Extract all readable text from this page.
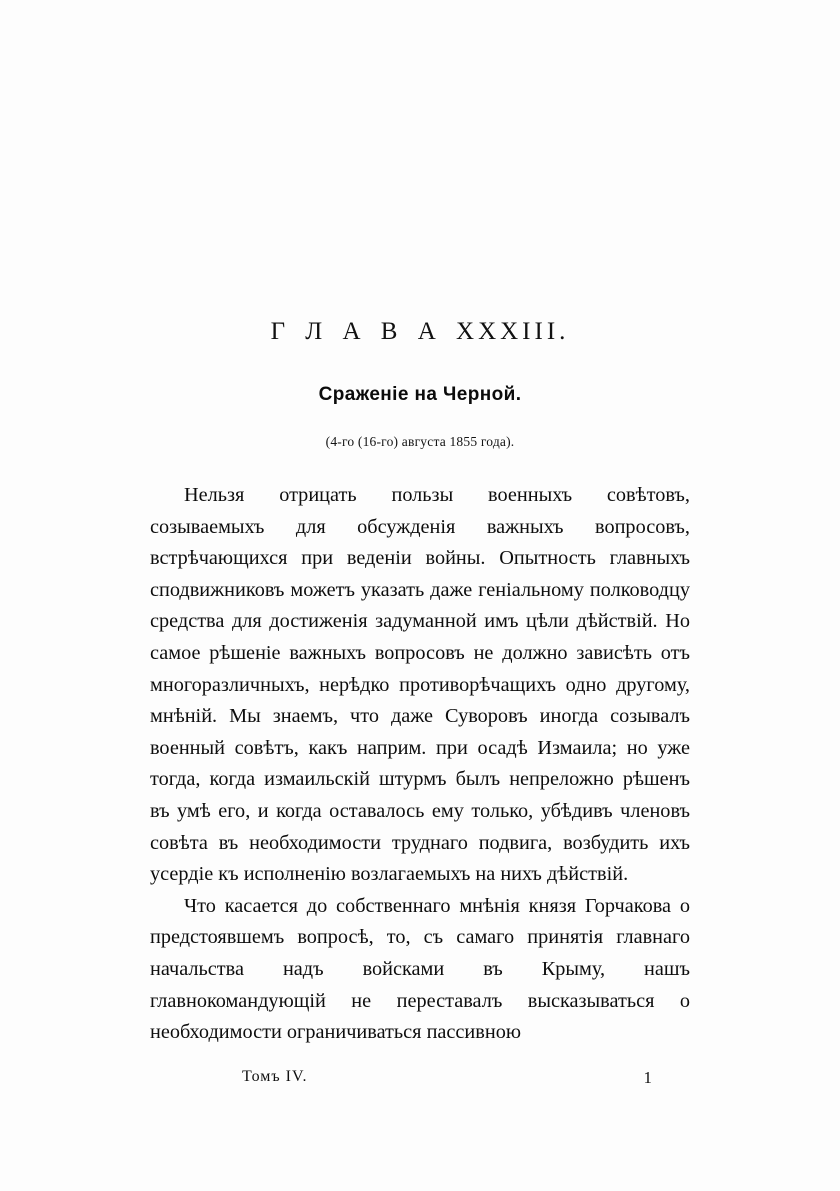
Г Л А В А XXXIII.
Сраженіе на Черной.
(4-го (16-го) августа 1855 года).

Нельзя отрицать пользы военныхъ совѣтовъ, созываемыхъ для обсужденія важныхъ вопросовъ, встрѣчающихся при веденіи войны. Опытность главныхъ сподвижниковъ можетъ указать даже геніальному полководцу средства для достиженія задуманной имъ цѣли дѣйствій. Но самое рѣшеніе важныхъ вопросовъ не должно зависѣть отъ многоразличныхъ, нерѣдко противорѣчащихъ одно другому, мнѣній. Мы знаемъ, что даже Суворовъ иногда созывалъ военный совѣтъ, какъ наприм. при осадѣ Измаила; но уже тогда, когда измаильскій штурмъ былъ непреложно рѣшенъ въ умѣ его, и когда оставалось ему только, убѣдивъ членовъ совѣта въ необходимости труднаго подвига, возбудить ихъ усердіе къ исполненію возлагаемыхъ на нихъ дѣйствій.

Что касается до собственнаго мнѣнія князя Горчакова о предстоявшемъ вопросѣ, то, съ самаго принятія главнаго начальства надъ войсками въ Крыму, нашъ главнокомандующій не переставалъ высказываться о необходимости ограничиваться пассивною

Томъ IV.	1
